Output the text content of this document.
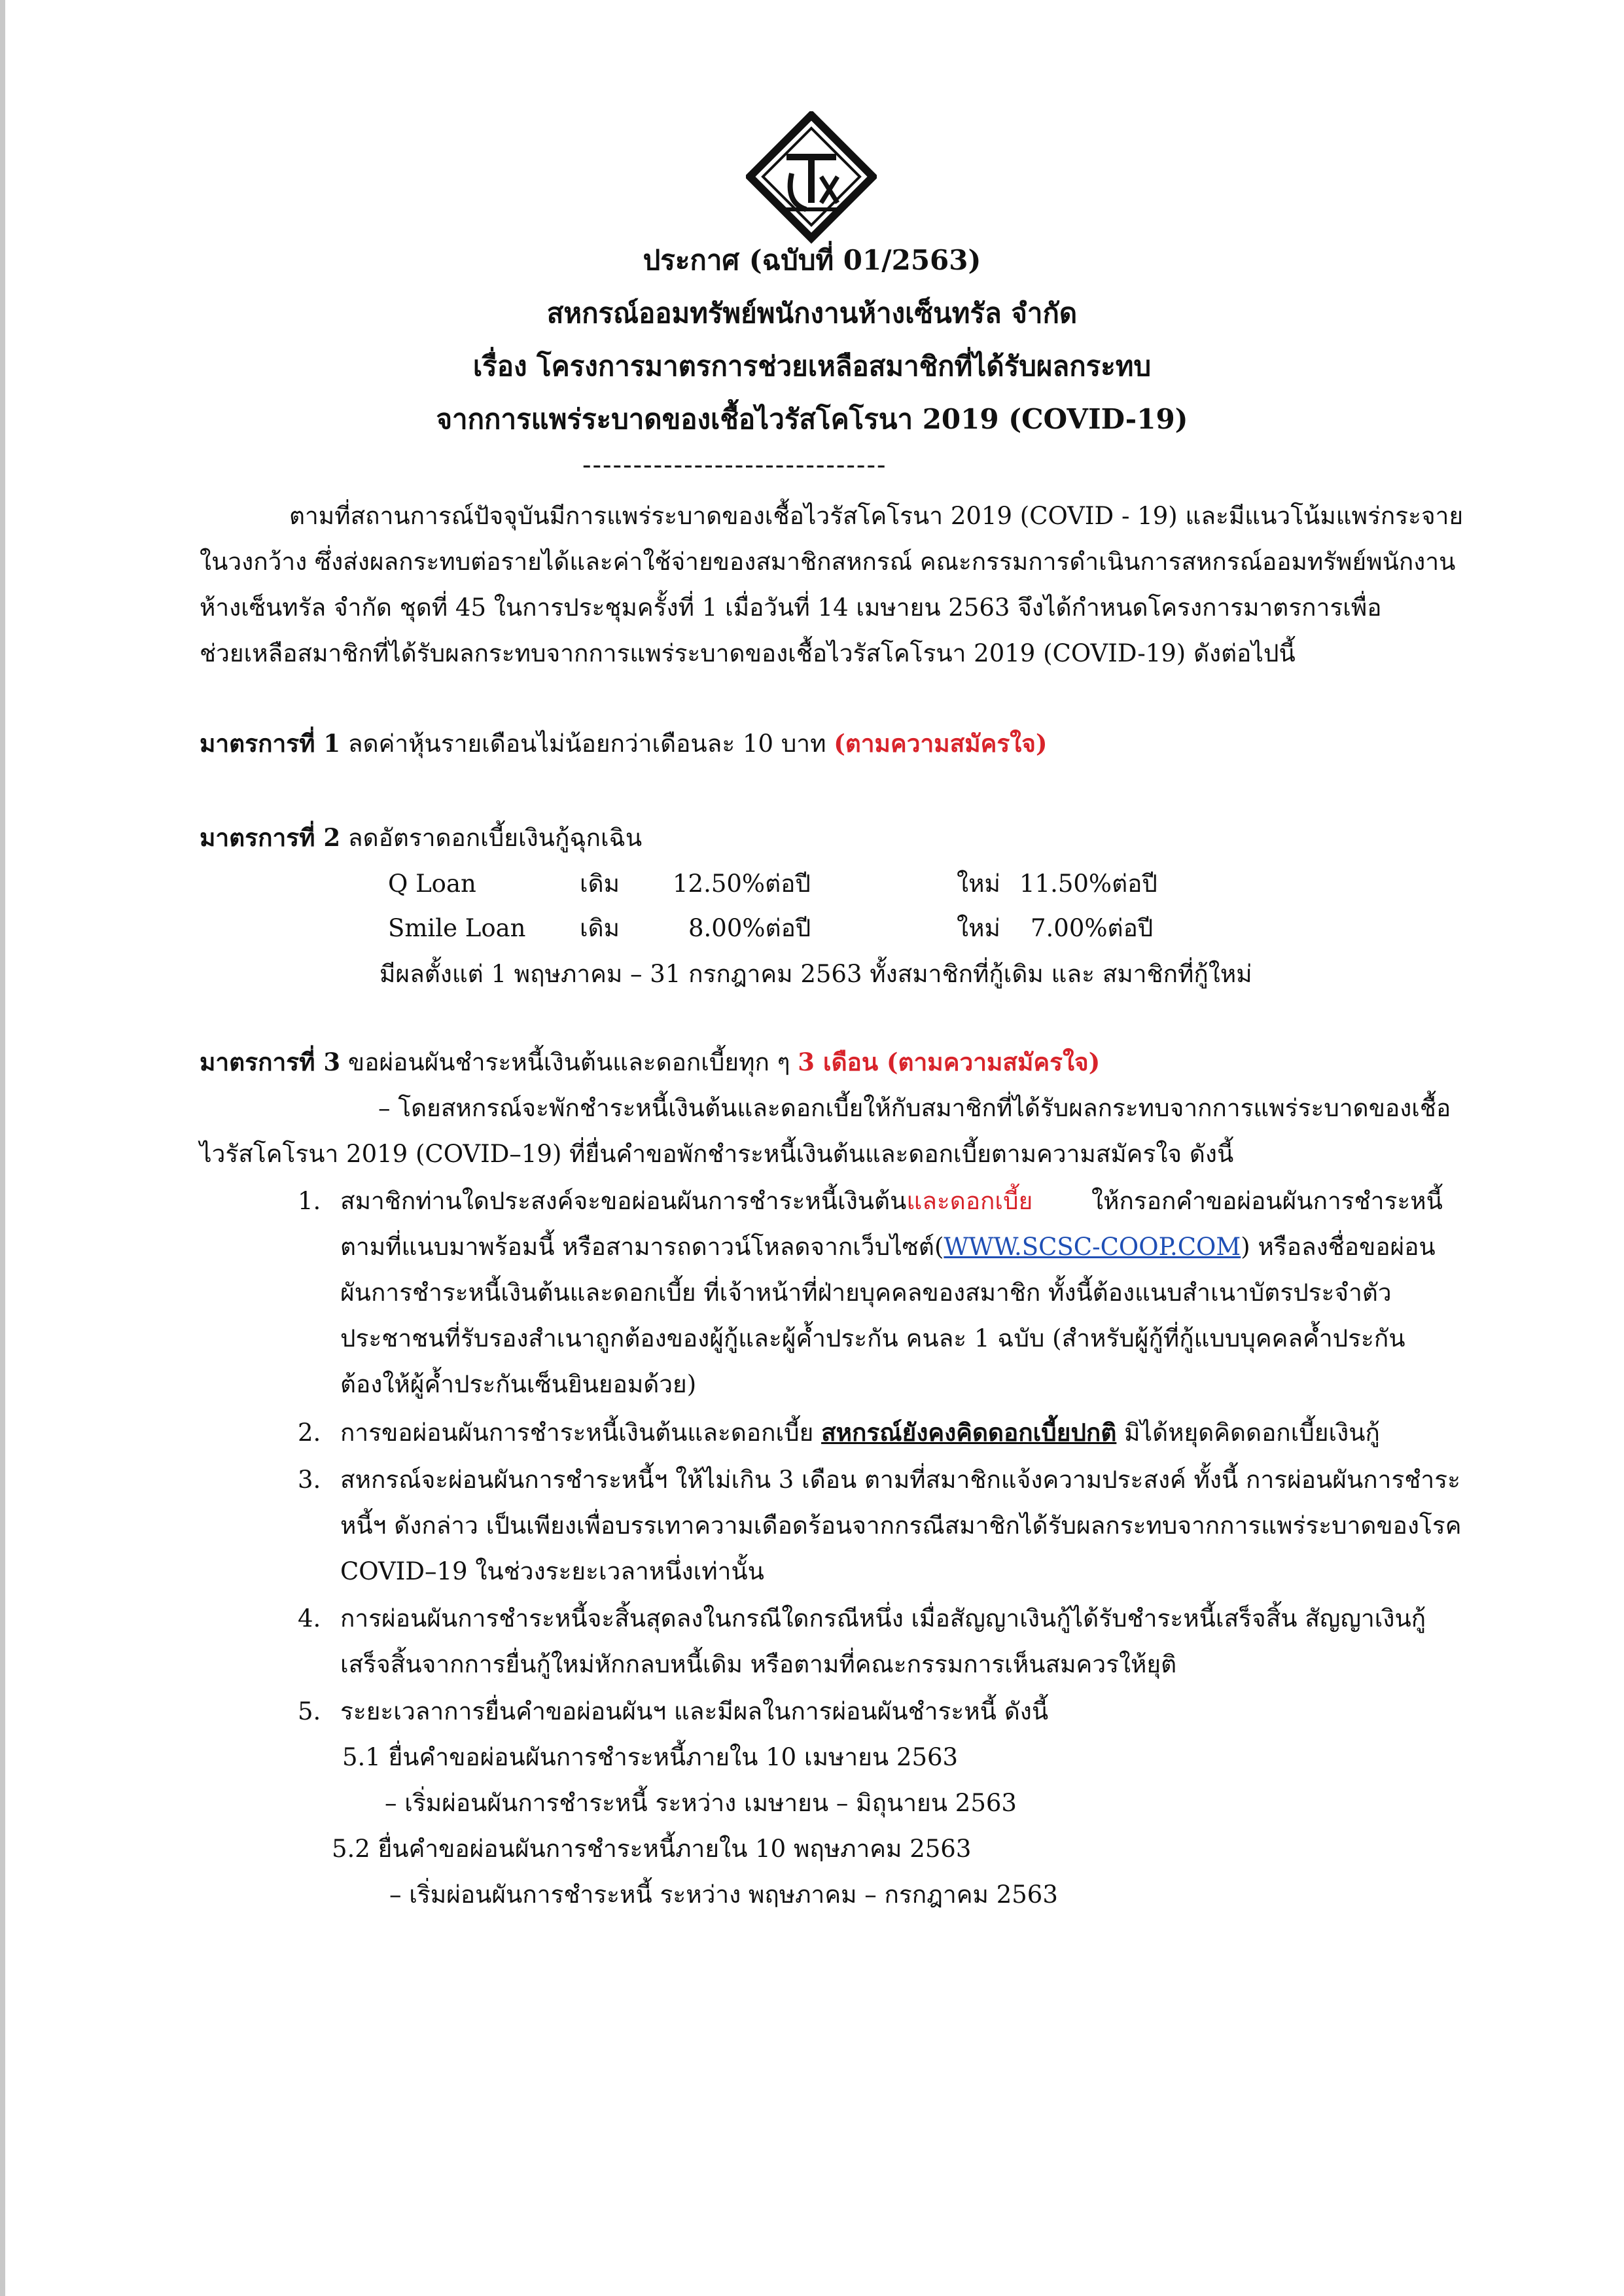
ประกาศ (ฉบับที่ 01/2563)
สหกรณ์ออมทรัพย์พนักงานห้างเซ็นทรัล จำกัด
เรื่อง โครงการมาตรการช่วยเหลือสมาชิกที่ได้รับผลกระทบ
จากการแพร่ระบาดของเชื้อไวรัสโคโรนา 2019 (COVID-19)
------------------------------
ตามที่สถานการณ์ปัจจุบันมีการแพร่ระบาดของเชื้อไวรัสโคโรนา 2019 (COVID - 19) และมีแนวโน้มแพร่กระจาย
ในวงกว้าง ซึ่งส่งผลกระทบต่อรายได้และค่าใช้จ่ายของสมาชิกสหกรณ์ คณะกรรมการดำเนินการสหกรณ์ออมทรัพย์พนักงาน
ห้างเซ็นทรัล จำกัด ชุดที่ 45 ในการประชุมครั้งที่ 1 เมื่อวันที่ 14 เมษายน 2563 จึงได้กำหนดโครงการมาตรการเพื่อ
ช่วยเหลือสมาชิกที่ได้รับผลกระทบจากการแพร่ระบาดของเชื้อไวรัสโคโรนา 2019 (COVID-19) ดังต่อไปนี้
มาตรการที่ 1 ลดค่าหุ้นรายเดือนไม่น้อยกว่าเดือนละ 10 บาท (ตามความสมัครใจ)
มาตรการที่ 2 ลดอัตราดอกเบี้ยเงินกู้ฉุกเฉิน
Q Loan	เดิม 12.50%ต่อปี	ใหม่ 11.50%ต่อปี
Smile Loan เดิม	8.00%ต่อปี	ใหม่ 7.00%ต่อปี
มีผลตั้งแต่ 1 พฤษภาคม – 31 กรกฎาคม 2563 ทั้งสมาชิกที่กู้เดิม และ สมาชิกที่กู้ใหม่
มาตรการที่ 3 ขอผ่อนผันชำระหนี้เงินต้นและดอกเบี้ยทุก ๆ 3 เดือน (ตามความสมัครใจ)
– โดยสหกรณ์จะพักชำระหนี้เงินต้นและดอกเบี้ยให้กับสมาชิกที่ได้รับผลกระทบจากการแพร่ระบาดของเชื้อ
ไวรัสโคโรนา 2019 (COVID–19) ที่ยื่นคำขอพักชำระหนี้เงินต้นและดอกเบี้ยตามความสมัครใจ ดังนี้
1. สมาชิกท่านใดประสงค์จะขอผ่อนผันการชำระหนี้เงินต้นและดอกเบี้ย ให้กรอกคำขอผ่อนผันการชำระหนี้
ตามที่แนบมาพร้อมนี้ หรือสามารถดาวน์โหลดจากเว็บไซต์(WWW.SCSC-COOP.COM) หรือลงชื่อขอผ่อน
ผันการชำระหนี้เงินต้นและดอกเบี้ย ที่เจ้าหน้าที่ฝ่ายบุคคลของสมาชิก ทั้งนี้ต้องแนบสำเนาบัตรประจำตัว
ประชาชนที่รับรองสำเนาถูกต้องของผู้กู้และผู้ค้ำประกัน คนละ 1 ฉบับ (สำหรับผู้กู้ที่กู้แบบบุคคลค้ำประกัน
ต้องให้ผู้ค้ำประกันเซ็นยินยอมด้วย)
2. การขอผ่อนผันการชำระหนี้เงินต้นและดอกเบี้ย สหกรณ์ยังคงคิดดอกเบี้ยปกติ มิได้หยุดคิดดอกเบี้ยเงินกู้
3. สหกรณ์จะผ่อนผันการชำระหนี้ฯ ให้ไม่เกิน 3 เดือน ตามที่สมาชิกแจ้งความประสงค์ ทั้งนี้ การผ่อนผันการชำระ
หนี้ฯ ดังกล่าว เป็นเพียงเพื่อบรรเทาความเดือดร้อนจากกรณีสมาชิกได้รับผลกระทบจากการแพร่ระบาดของโรค
COVID–19 ในช่วงระยะเวลาหนึ่งเท่านั้น
4. การผ่อนผันการชำระหนี้จะสิ้นสุดลงในกรณีใดกรณีหนึ่ง เมื่อสัญญาเงินกู้ได้รับชำระหนี้เสร็จสิ้น สัญญาเงินกู้
เสร็จสิ้นจากการยื่นกู้ใหม่หักกลบหนี้เดิม หรือตามที่คณะกรรมการเห็นสมควรให้ยุติ
5. ระยะเวลาการยื่นคำขอผ่อนผันฯ และมีผลในการผ่อนผันชำระหนี้ ดังนี้
5.1 ยื่นคำขอผ่อนผันการชำระหนี้ภายใน 10 เมษายน 2563
– เริ่มผ่อนผันการชำระหนี้ ระหว่าง เมษายน – มิถุนายน 2563
5.2 ยื่นคำขอผ่อนผันการชำระหนี้ภายใน 10 พฤษภาคม 2563
– เริ่มผ่อนผันการชำระหนี้ ระหว่าง พฤษภาคม – กรกฎาคม 2563
